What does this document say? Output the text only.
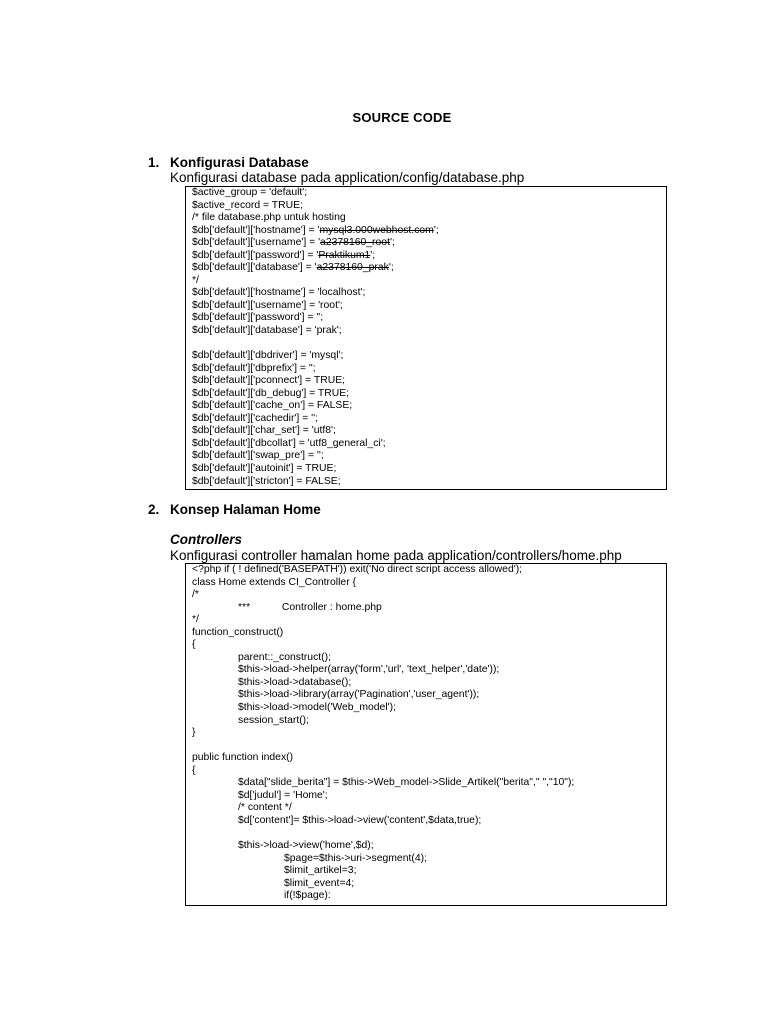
SOURCE CODE
1. Konfigurasi Database
Konfigurasi database pada application/config/database.php
$active_group = 'default';
$active_record = TRUE;
/* file database.php untuk hosting
$db['default']['hostname'] = 'mysql3.000webhost.com';
$db['default']['username'] = 'a2378160_root';
$db['default']['password'] = 'Praktikum1';
$db['default']['database'] = 'a2378160_prak';
*/
$db['default']['hostname'] = 'localhost';
$db['default']['username'] = 'root';
$db['default']['password'] = '';
$db['default']['database'] = 'prak';
$db['default']['dbdriver'] = 'mysql';
$db['default']['dbprefix'] = '';
$db['default']['pconnect'] = TRUE;
$db['default']['db_debug'] = TRUE;
$db['default']['cache_on'] = FALSE;
$db['default']['cachedir'] = '';
$db['default']['char_set'] = 'utf8';
$db['default']['dbcollat'] = 'utf8_general_ci';
$db['default']['swap_pre'] = '';
$db['default']['autoinit'] = TRUE;
$db['default']['stricton'] = FALSE;
2. Konsep Halaman Home
Controllers
Konfigurasi controller hamalan home pada application/controllers/home.php
<?php if ( ! defined('BASEPATH')) exit('No direct script access allowed');
class Home extends CI_Controller {
/*
***           Controller : home.php
*/
function_construct()
{
parent::_construct();
$this->load->helper(array('form','url', 'text_helper','date'));
$this->load->database();
$this->load->library(array('Pagination','user_agent'));
$this->load->model('Web_model');
session_start();
}
public function index()
{
$data["slide_berita"] = $this->Web_model->Slide_Artikel("berita"," ","10");
$d['judul'] = 'Home';
/* content */
$d['content']= $this->load->view('content',$data,true);
$this->load->view('home',$d);
$page=$this->uri->segment(4);
$limit_artikel=3;
$limit_event=4;
if(!$page):
